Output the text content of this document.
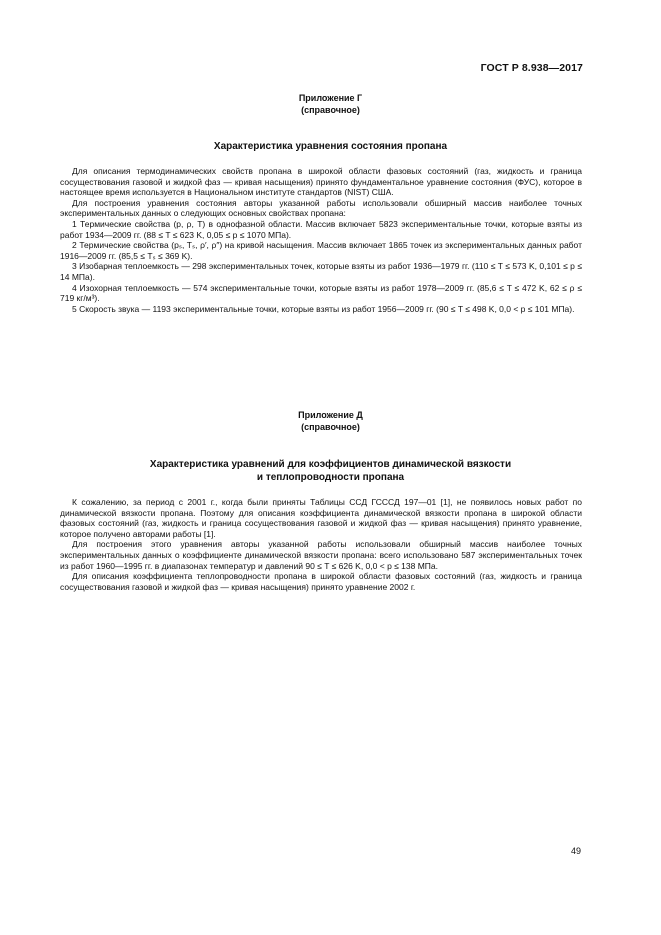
ГОСТ Р 8.938—2017
Приложение Г
(справочное)
Характеристика уравнения состояния пропана

Для описания термодинамических свойств пропана в широкой области фазовых состояний (газ, жидкость и граница сосуществования газовой и жидкой фаз — кривая насыщения) принято фундаментальное уравнение состояния (ФУС), которое в настоящее время используется в Национальном институте стандартов (NIST) США.

Для построения уравнения состояния авторы указанной работы использовали обширный массив наиболее точных экспериментальных данных о следующих основных свойствах пропана:

1 Термические свойства (p, ρ, T) в однофазной области. Массив включает 5823 экспериментальные точки, которые взяты из работ 1934—2009 гг. (88 ≤ T ≤ 623 K, 0,05 ≤ p ≤ 1070 МПа).

2 Термические свойства (pₛ, Tₛ, ρ′, ρ″) на кривой насыщения. Массив включает 1865 точек из экспериментальных данных работ 1916—2009 гг. (85,5 ≤ Tₛ ≤ 369 K).

3 Изобарная теплоемкость — 298 экспериментальных точек, которые взяты из работ 1936—1979 гг. (110 ≤ T ≤ 573 K, 0,101 ≤ p ≤ 14 МПа).

4 Изохорная теплоемкость — 574 экспериментальные точки, которые взяты из работ 1978—2009 гг. (85,6 ≤ T ≤ 472 K, 62 ≤ ρ ≤ 719 кг/м³).

5 Скорость звука — 1193 экспериментальные точки, которые взяты из работ 1956—2009 гг. (90 ≤ T ≤ 498 K, 0,0 < p ≤ 101 МПа).

Приложение Д
(справочное)
Характеристика уравнений для коэффициентов динамической вязкости
и теплопроводности пропана

К сожалению, за период с 2001 г., когда были приняты Таблицы ССД ГСССД 197—01 [1], не появилось новых работ по динамической вязкости пропана. Поэтому для описания коэффициента динамической вязкости пропана в широкой области фазовых состояний (газ, жидкость и граница сосуществования газовой и жидкой фаз — кривая насыщения) принято уравнение, которое получено авторами работы [1].

Для построения этого уравнения авторы указанной работы использовали обширный массив наиболее точных экспериментальных данных о коэффициенте динамической вязкости пропана: всего использовано 587 экспериментальных точек из работ 1960—1995 гг. в диапазонах температур и давлений 90 ≤ T ≤ 626 K, 0,0 < p ≤ 138 МПа.

Для описания коэффициента теплопроводности пропана в широкой области фазовых состояний (газ, жидкость и граница сосуществования газовой и жидкой фаз — кривая насыщения) принято уравнение 2002 г.

49
